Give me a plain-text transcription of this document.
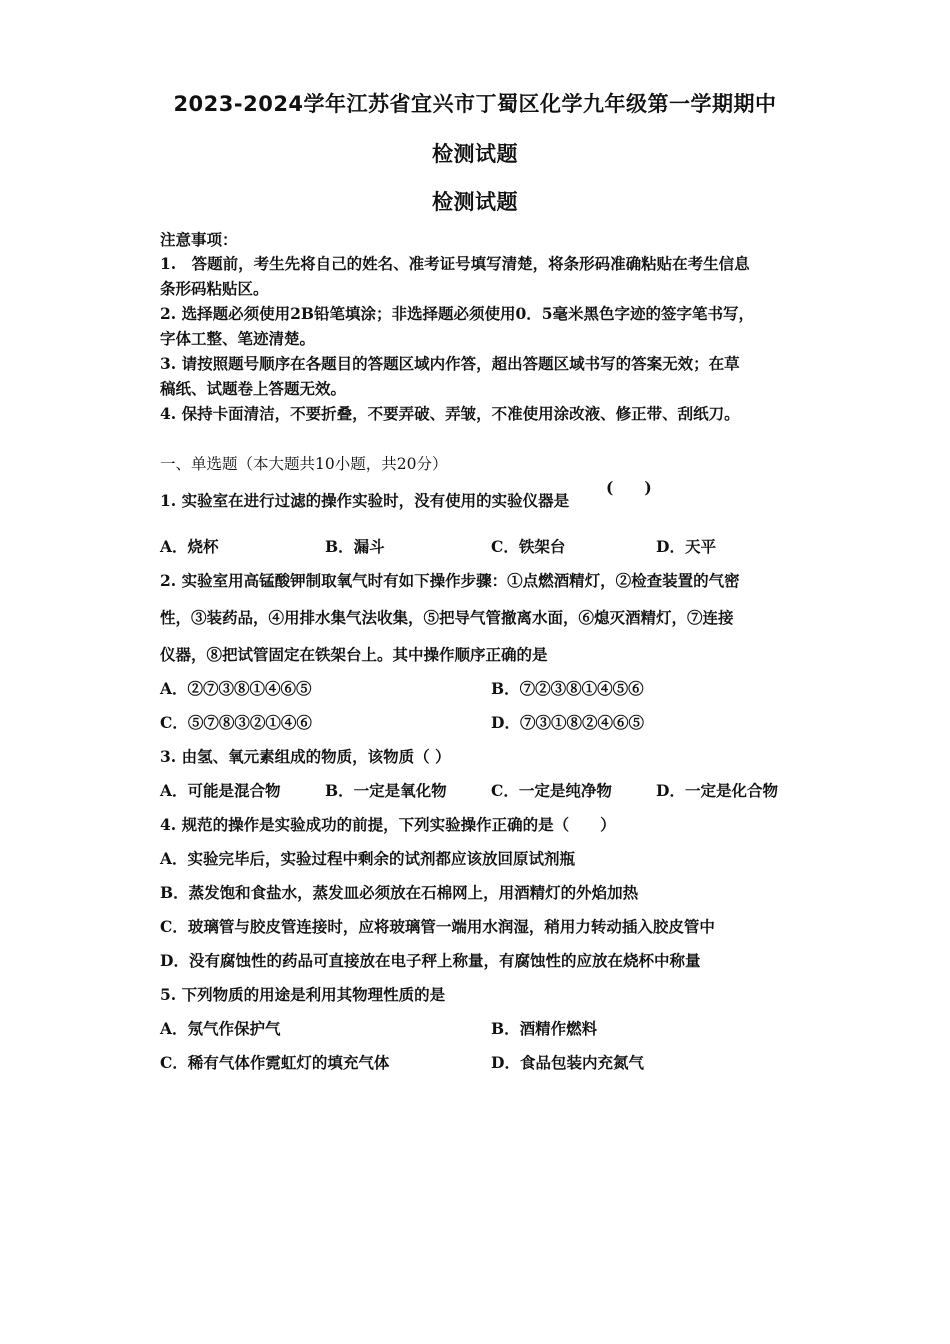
2023-2024学年江苏省宜兴市丁蜀区化学九年级第一学期期中
检测试题
检测试题
注意事项：
1.　答题前，考生先将自己的姓名、准考证号填写清楚，将条形码准确粘贴在考生信息
条形码粘贴区。
2. 选择题必须使用2B铅笔填涂；非选择题必须使用0．5毫米黑色字迹的签字笔书写，
字体工整、笔迹清楚。
3. 请按照题号顺序在各题目的答题区域内作答，超出答题区域书写的答案无效；在草
稿纸、试题卷上答题无效。
4. 保持卡面清洁，不要折叠，不要弄破、弄皱，不准使用涂改液、修正带、刮纸刀。
一、单选题（本大题共10小题，共20分）
1. 实验室在进行过滤的操作实验时，没有使用的实验仪器是
(　　)
A．烧杯	B．漏斗	C．铁架台	D．天平
2. 实验室用高锰酸钾制取氧气时有如下操作步骤：①点燃酒精灯，②检查装置的气密
性，③装药品，④用排水集气法收集，⑤把导气管撤离水面，⑥熄灭酒精灯，⑦连接
仪器，⑧把试管固定在铁架台上。其中操作顺序正确的是
A．②⑦③⑧①④⑥⑤	B．⑦②③⑧①④⑤⑥
C．⑤⑦⑧③②①④⑥	D．⑦③①⑧②④⑥⑤
3. 由氢、氧元素组成的物质，该物质（ ）
A．可能是混合物	B．一定是氧化物	C．一定是纯净物	D．一定是化合物
4. 规范的操作是实验成功的前提，下列实验操作正确的是（　　）
A．实验完毕后，实验过程中剩余的试剂都应该放回原试剂瓶
B．蒸发饱和食盐水，蒸发皿必须放在石棉网上，用酒精灯的外焰加热
C．玻璃管与胶皮管连接时，应将玻璃管一端用水润湿，稍用力转动插入胶皮管中
D．没有腐蚀性的药品可直接放在电子秤上称量，有腐蚀性的应放在烧杯中称量
5. 下列物质的用途是利用其物理性质的是
A．氖气作保护气	B．酒精作燃料
C．稀有气体作霓虹灯的填充气体	D．食品包装内充氮气
